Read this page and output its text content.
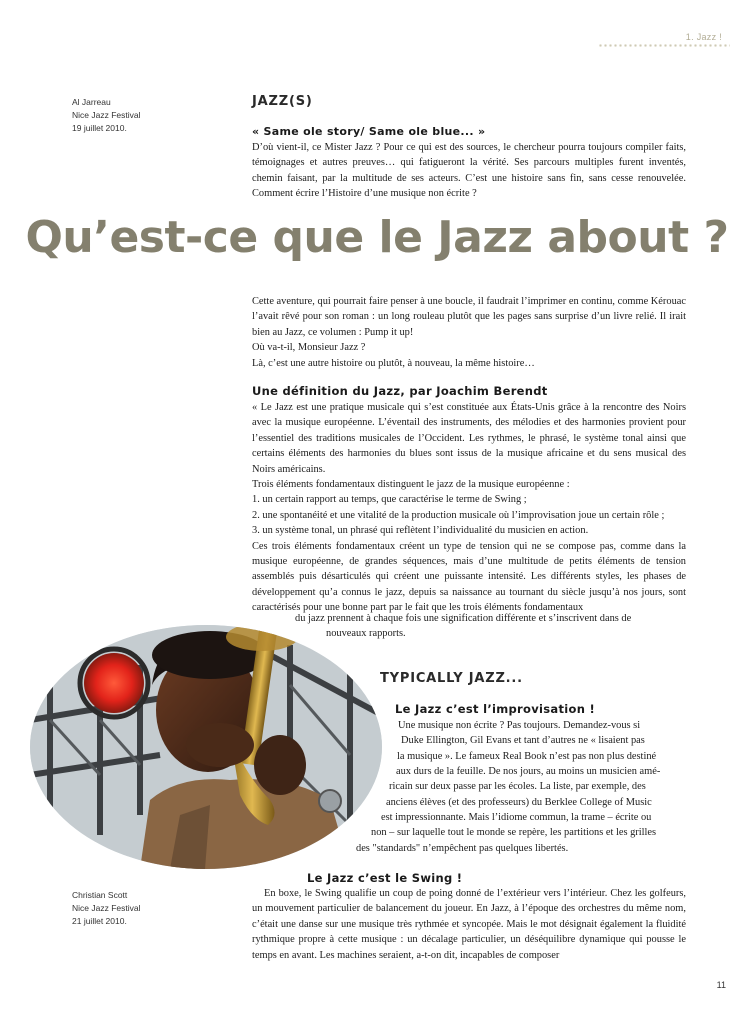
1. Jazz !
Al Jarreau
Nice Jazz Festival
19 juillet 2010.
JAZZ(S)
« Same ole story/ Same ole blue... »

D’où vient-il, ce Mister Jazz ? Pour ce qui est des sources, le chercheur pourra toujours compiler faits, témoignages et autres preuves… qui fatigueront la vérité. Ses parcours multiples furent inventés, chemin faisant, par la multitude de ses acteurs. C’est une histoire sans fin, sans cesse renouvelée. Comment écrire l’Histoire d’une musique non écrite ?

Qu’est-ce que le Jazz about ?

Cette aventure, qui pourrait faire penser à une boucle, il faudrait l’imprimer en continu, comme Kérouac l’avait rêvé pour son roman : un long rouleau plutôt que les pages sans surprise d’un livre relié. Il irait bien au Jazz, ce volumen : Pump it up!

Où va-t-il, Monsieur Jazz ?

Là, c’est une autre histoire ou plutôt, à nouveau, la même histoire…

Une définition du Jazz, par Joachim Berendt

« Le Jazz est une pratique musicale qui s’est constituée aux États-Unis grâce à la rencontre des Noirs avec la musique européenne. L’éventail des instruments, des mélodies et des harmonies provient pour l’essentiel des traditions musicales de l’Occident. Les rythmes, le phrasé, le système tonal ainsi que certains éléments des harmonies du blues sont issus de la musique africaine et du sens musical des Noirs américains.

Trois éléments fondamentaux distinguent le jazz de la musique européenne :

1. un certain rapport au temps, que caractérise le terme de Swing ;

2. une spontanéité et une vitalité de la production musicale où l’improvisation joue un certain rôle ;

3. un système tonal, un phrasé qui reflètent l’individualité du musicien en action.

Ces trois éléments fondamentaux créent un type de tension qui ne se compose pas, comme dans la musique européenne, de grandes séquences, mais d’une multitude de petits éléments de tension assemblés puis désarticulés qui créent une puissante intensité. Les différents styles, les phases de développement qu’a connus le jazz, depuis sa naissance au tournant du siècle jusqu’à nos jours, sont caractérisés pour une bonne part par le fait que les trois éléments fondamentaux

du jazz prennent à chaque fois une signification différente et s’inscrivent dans de
nouveaux rapports.
TYPICALLY JAZZ...
Le Jazz c’est l’improvisation !
Une musique non écrite ? Pas toujours. Demandez-vous si
Duke Ellington, Gil Evans et tant d’autres ne « lisaient pas
la musique ». Le fameux Real Book n’est pas non plus destiné
aux durs de la feuille. De nos jours, au moins un musicien amé-
ricain sur deux passe par les écoles. La liste, par exemple, des
anciens élèves (et des professeurs) du Berklee College of Music
est impressionnante. Mais l’idiome commun, la trame – écrite ou
non – sur laquelle tout le monde se repère, les partitions et les grilles
des "standards" n’empêchent pas quelques libertés.
Le Jazz c’est le Swing !

En boxe, le Swing qualifie un coup de poing donné de l’extérieur vers l’intérieur. Chez les golfeurs, un mouvement particulier de balancement du joueur. En Jazz, à l’époque des orchestres du même nom, c’était une danse sur une musique très rythmée et syncopée. Mais le mot désignait également la fluidité rythmique propre à cette musique : un décalage particulier, un déséquilibre dynamique qui pousse le temps en avant. Les machines seraient, a-t-on dit, incapables de composer

Christian Scott
Nice Jazz Festival
21 juillet 2010.
11
